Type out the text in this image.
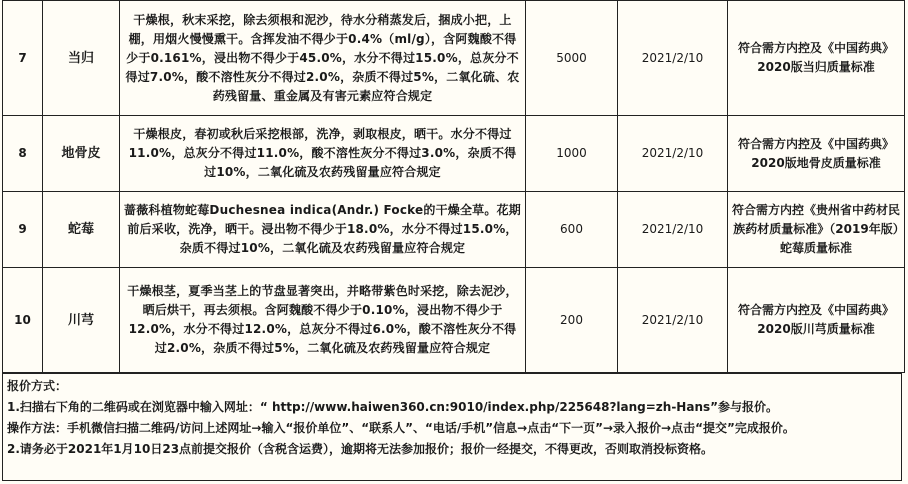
7	当归	干燥根，秋末采挖，除去须根和泥沙，待水分稍蒸发后，捆成小把，上棚，用烟火慢慢熏干。含挥发油不得少于0.4%（ml/g），含阿魏酸不得少于0.161%，浸出物不得少于45.0%，水分不得过15.0%，总灰分不得过7.0%，酸不溶性灰分不得过2.0%，杂质不得过5%，二氧化硫、农药残留量、重金属及有害元素应符合规定	5000	2021/2/10	符合需方内控及《中国药典》2020版当归质量标准
8	地骨皮	干燥根皮，春初或秋后采挖根部，洗净，剥取根皮，晒干。水分不得过11.0%，总灰分不得过11.0%，酸不溶性灰分不得过3.0%，杂质不得过10%，二氧化硫及农药残留量应符合规定	1000	2021/2/10	符合需方内控及《中国药典》2020版地骨皮质量标准
9	蛇莓	蔷薇科植物蛇莓Duchesnea indica(Andr.) Focke的干燥全草。花期前后采收，洗净，晒干。浸出物不得少于18.0%，水分不得过15.0%，杂质不得过10%，二氧化硫及农药残留量应符合规定	600	2021/2/10	符合需方内控《贵州省中药材民族药材质量标准》（2019年版）蛇莓质量标准
10	川芎	干燥根茎，夏季当茎上的节盘显著突出，并略带紫色时采挖，除去泥沙，晒后烘干，再去须根。含阿魏酸不得少于0.10%，浸出物不得少于12.0%，水分不得过12.0%，总灰分不得过6.0%，酸不溶性灰分不得过2.0%，杂质不得过5%，二氧化硫及农药残留量应符合规定	200	2021/2/10	符合需方内控及《中国药典》2020版川芎质量标准
报价方式：
1.扫描右下角的二维码或在浏览器中输入网址：“ http://www.haiwen360.cn:9010/index.php/225648?lang=zh-Hans”参与报价。
操作方法：手机微信扫描二维码/访问上述网址→输入“报价单位”、“联系人”、“电话/手机”信息→点击“下一页”→录入报价→点击“提交”完成报价。
2.请务必于2021年1月10日23点前提交报价（含税含运费），逾期将无法参加报价；报价一经提交，不得更改，否则取消投标资格。
